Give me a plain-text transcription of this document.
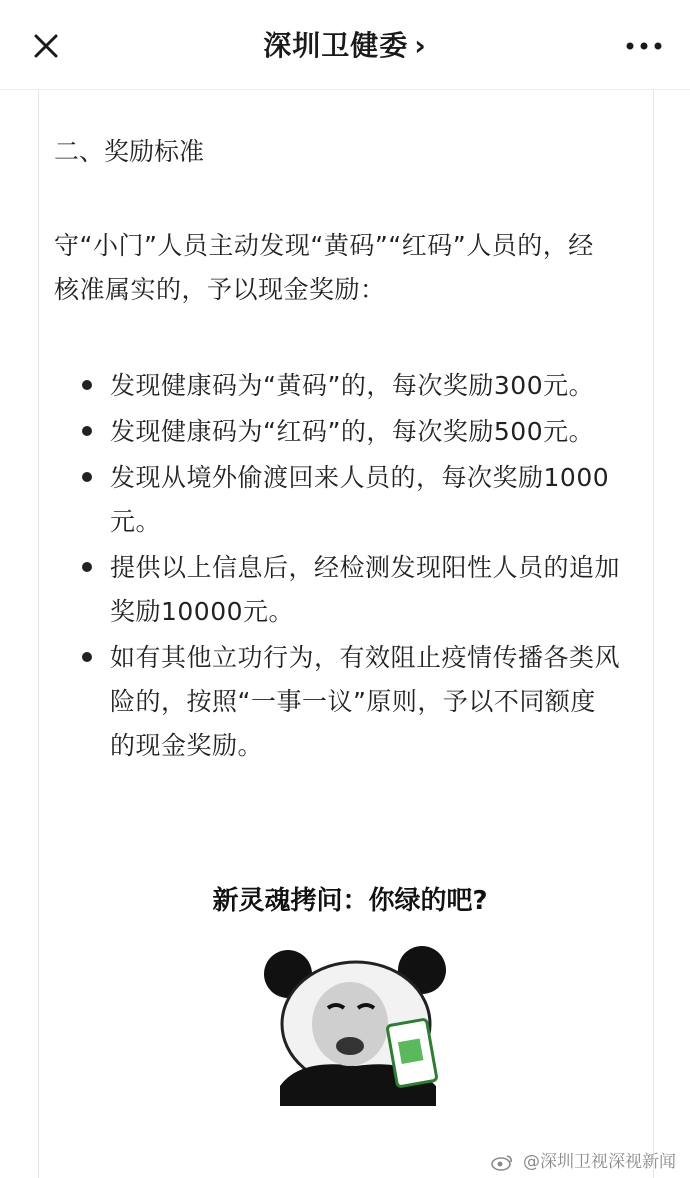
深圳卫健委 ›
二、奖励标准

守“小门”人员主动发现“黄码”“红码”人员的，经
核准属实的，予以现金奖励：

发现健康码为“黄码”的，每次奖励300元。
发现健康码为“红码”的，每次奖励500元。
发现从境外偷渡回来人员的，每次奖励1000
元。
提供以上信息后，经检测发现阳性人员的追加
奖励10000元。
如有其他立功行为，有效阻止疫情传播各类风
险的，按照“一事一议”原则，予以不同额度
的现金奖励。
新灵魂拷问：你绿的吧?
@深圳卫视深视新闻
